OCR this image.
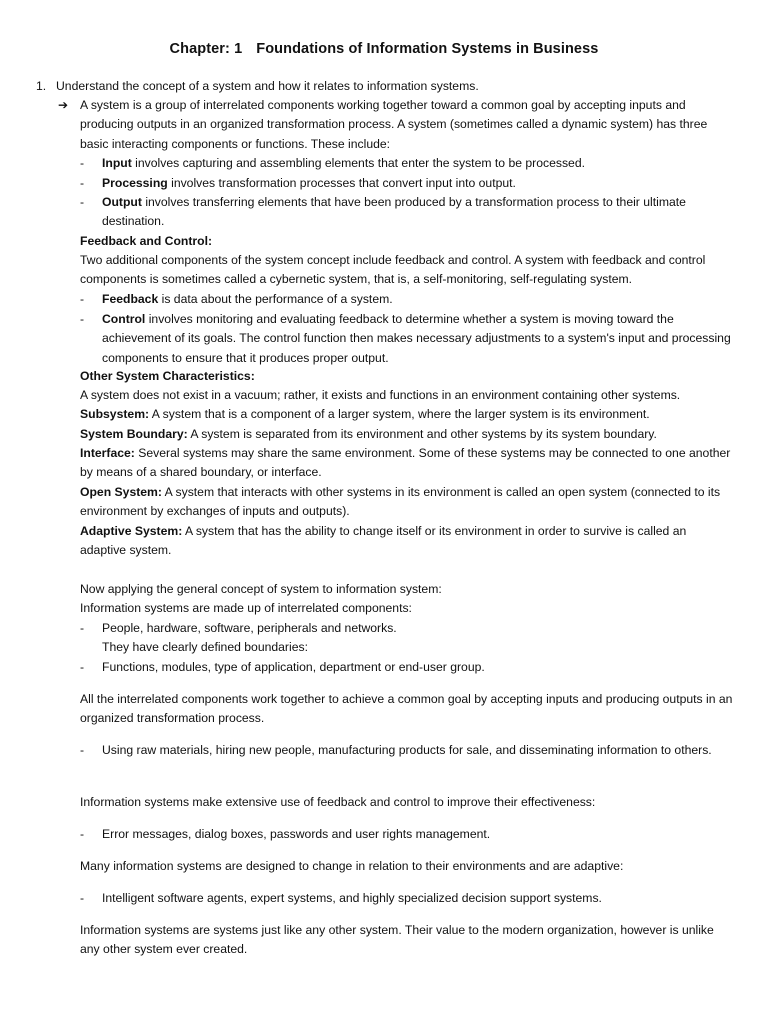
Chapter: 1 Foundations of Information Systems in Business
1. Understand the concept of a system and how it relates to information systems.
➔ A system is a group of interrelated components working together toward a common goal by accepting inputs and producing outputs in an organized transformation process. A system (sometimes called a dynamic system) has three basic interacting components or functions. These include:

-	Input involves capturing and assembling elements that enter the system to be processed.

-	Processing involves transformation processes that convert input into output.

-	Output involves transferring elements that have been produced by a transformation process to their ultimate destination.

Feedback and Control:

Two additional components of the system concept include feedback and control. A system with feedback and control components is sometimes called a cybernetic system, that is, a self-monitoring, self-regulating system.

-	Feedback is data about the performance of a system.

-	Control involves monitoring and evaluating feedback to determine whether a system is moving toward the achievement of its goals. The control function then makes necessary adjustments to a system's input and processing components to ensure that it produces proper output.

Other System Characteristics:

A system does not exist in a vacuum; rather, it exists and functions in an environment containing other systems.

Subsystem: A system that is a component of a larger system, where the larger system is its environment.

System Boundary: A system is separated from its environment and other systems by its system boundary.

Interface: Several systems may share the same environment. Some of these systems may be connected to one another by means of a shared boundary, or interface.

Open System: A system that interacts with other systems in its environment is called an open system (connected to its environment by exchanges of inputs and outputs).

Adaptive System: A system that has the ability to change itself or its environment in order to survive is called an adaptive system.

Now applying the general concept of system to information system:

Information systems are made up of interrelated components:

-	People, hardware, software, peripherals and networks.

They have clearly defined boundaries:

-	Functions, modules, type of application, department or end-user group.

All the interrelated components work together to achieve a common goal by accepting inputs and producing outputs in an organized transformation process.

-	Using raw materials, hiring new people, manufacturing products for sale, and disseminating information to others.

Information systems make extensive use of feedback and control to improve their effectiveness:

-	Error messages, dialog boxes, passwords and user rights management.

Many information systems are designed to change in relation to their environments and are adaptive:

-	Intelligent software agents, expert systems, and highly specialized decision support systems.

Information systems are systems just like any other system. Their value to the modern organization, however is unlike any other system ever created.
